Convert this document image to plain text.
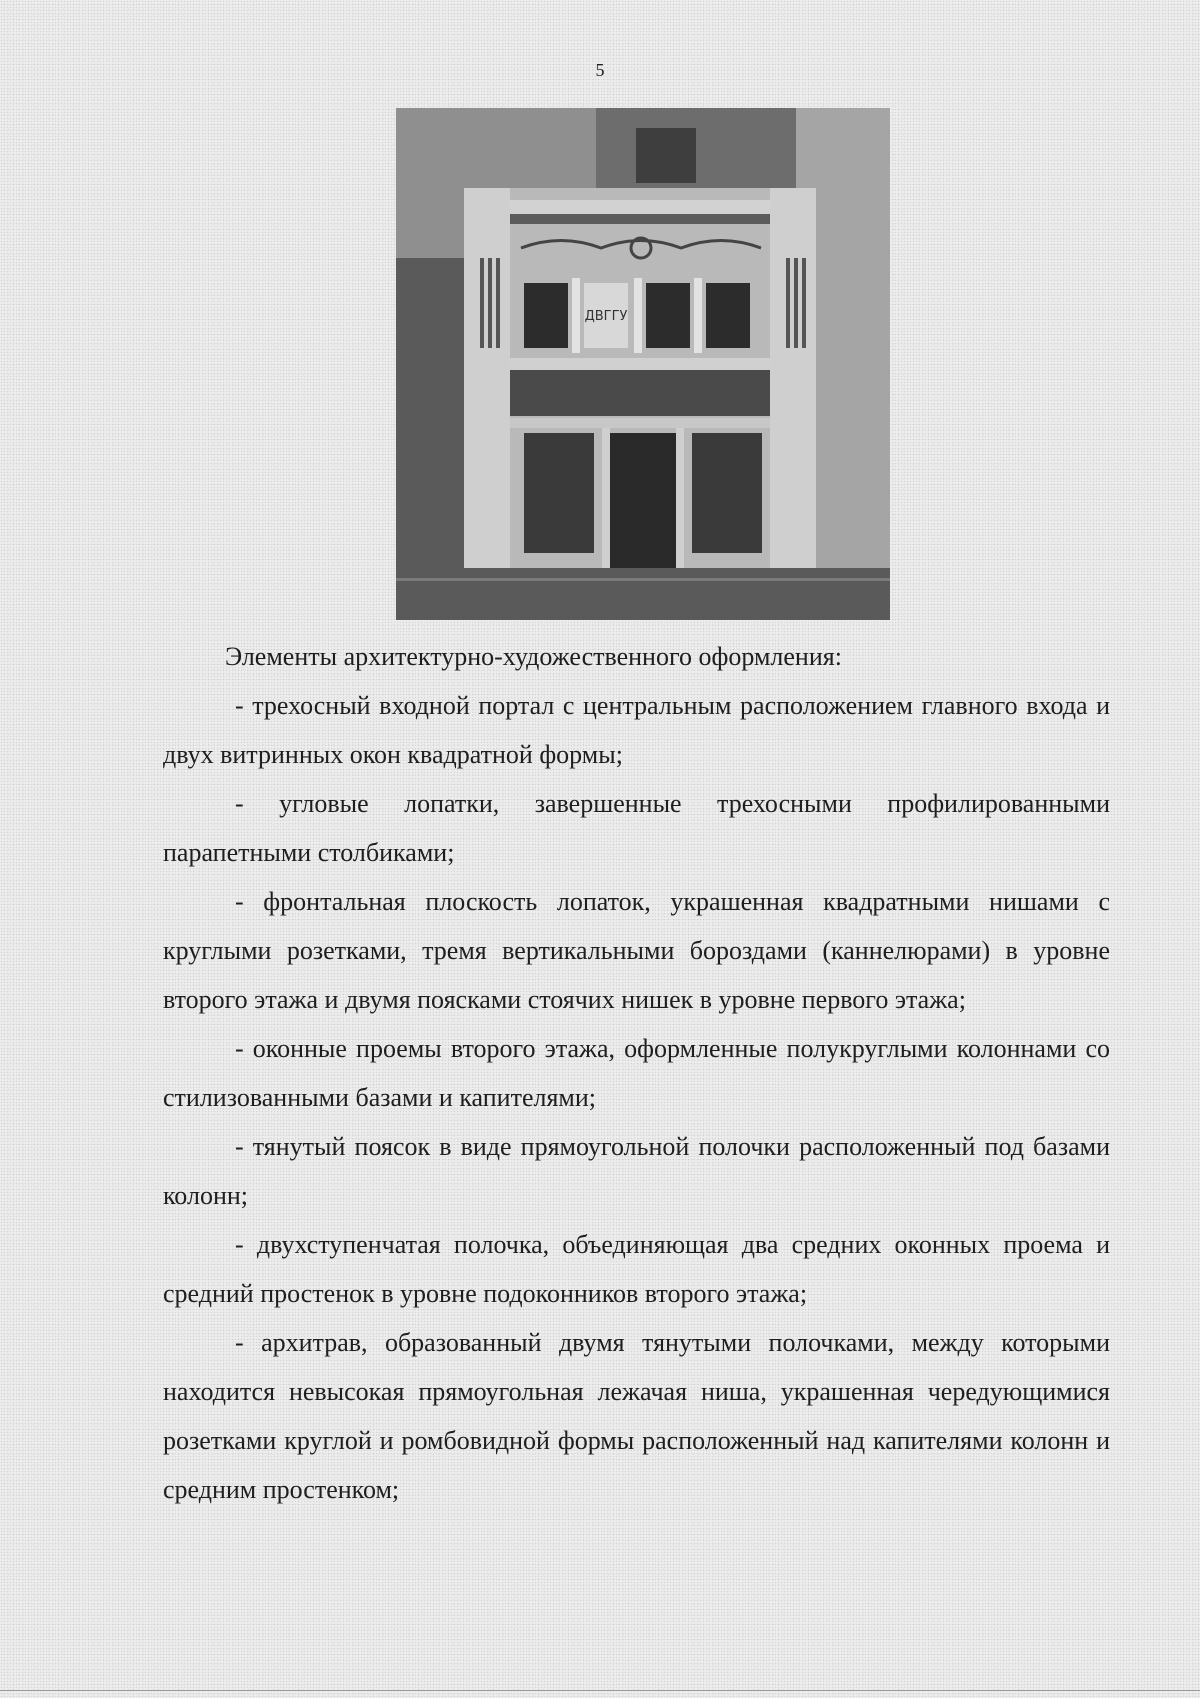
5
ДВГГУ

Элементы архитектурно-художественного оформления:

- трехосный входной портал с центральным расположением главного входа и двух витринных окон квадратной формы;

- угловые лопатки, завершенные трехосными профилированными парапетными столбиками;

- фронтальная плоскость лопаток, украшенная квадратными нишами с круглыми розетками, тремя вертикальными бороздами (каннелюрами) в уровне второго этажа и двумя поясками стоячих нишек в уровне первого этажа;

- оконные проемы второго этажа, оформленные полукруглыми колоннами со стилизованными базами и капителями;

- тянутый поясок в виде прямоугольной полочки расположенный под базами колонн;

- двухступенчатая полочка, объединяющая два средних оконных проема и средний простенок в уровне подоконников второго этажа;

- архитрав, образованный двумя тянутыми полочками, между которыми находится невысокая прямоугольная лежачая ниша, украшенная чередующимися розетками круглой и ромбовидной формы расположенный над капителями колонн и средним простенком;
